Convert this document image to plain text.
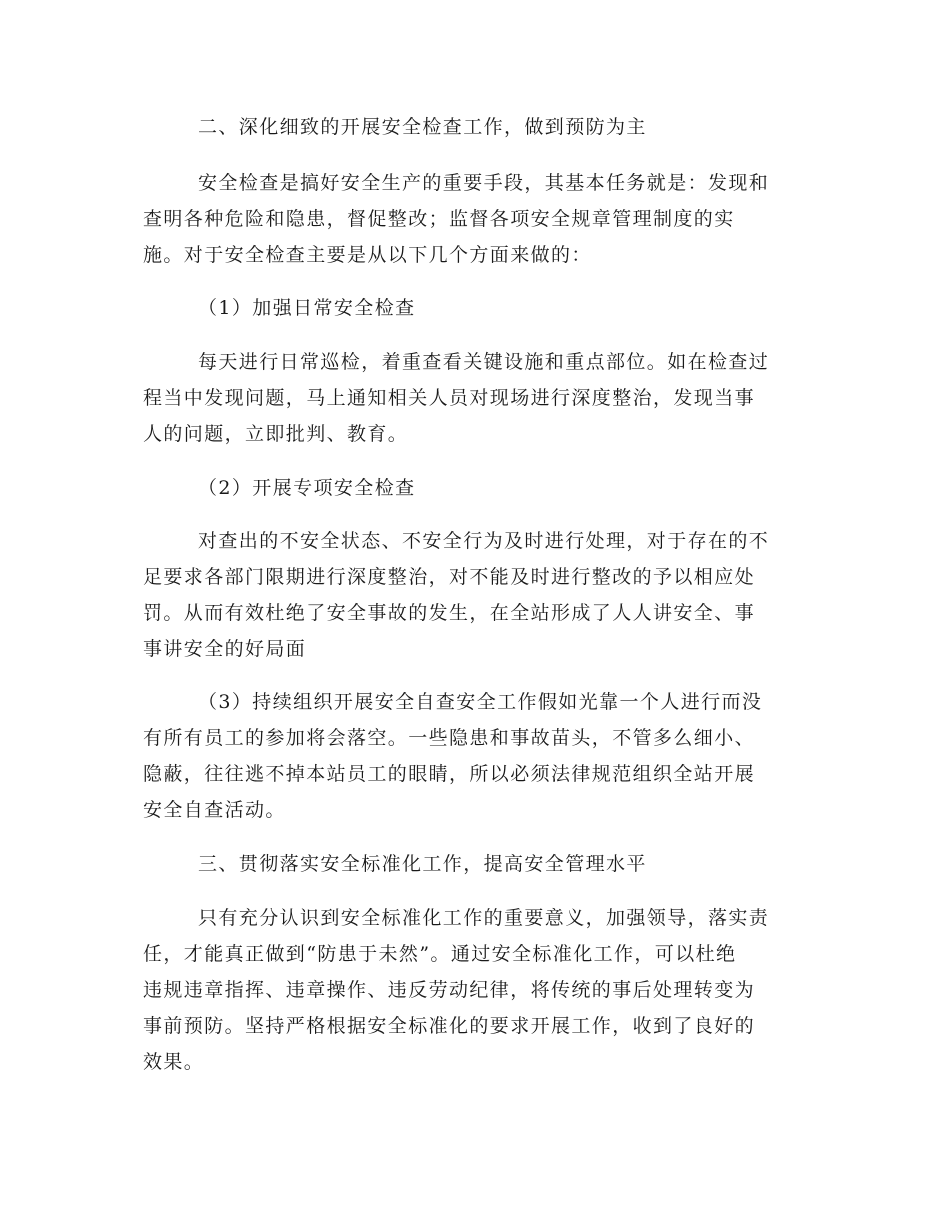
二、深化细致的开展安全检查工作，做到预防为主
安全检查是搞好安全生产的重要手段，其基本任务就是：发现和
查明各种危险和隐患，督促整改；监督各项安全规章管理制度的实
施。对于安全检查主要是从以下几个方面来做的：
（1）加强日常安全检查
每天进行日常巡检，着重查看关键设施和重点部位。如在检查过
程当中发现问题，马上通知相关人员对现场进行深度整治，发现当事
人的问题，立即批判、教育。
（2）开展专项安全检查
对查出的不安全状态、不安全行为及时进行处理，对于存在的不
足要求各部门限期进行深度整治，对不能及时进行整改的予以相应处
罚。从而有效杜绝了安全事故的发生，在全站形成了人人讲安全、事
事讲安全的好局面
（3）持续组织开展安全自查安全工作假如光靠一个人进行而没
有所有员工的参加将会落空。一些隐患和事故苗头，不管多么细小、
隐蔽，往往逃不掉本站员工的眼睛，所以必须法律规范组织全站开展
安全自查活动。
三、贯彻落实安全标准化工作，提高安全管理水平
只有充分认识到安全标准化工作的重要意义，加强领导，落实责
任，才能真正做到“防患于未然”。通过安全标准化工作，可以杜绝
违规违章指挥、违章操作、违反劳动纪律，将传统的事后处理转变为
事前预防。坚持严格根据安全标准化的要求开展工作，收到了良好的
效果。
